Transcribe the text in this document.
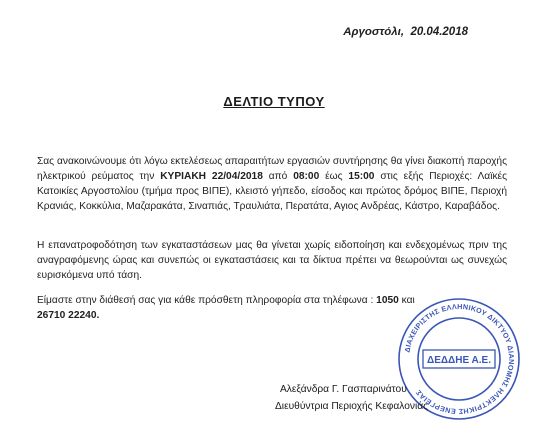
Αργοστόλι,  20.04.2018
ΔΕΛΤΙΟ ΤΥΠΟΥ
Σας ανακοινώνουμε ότι λόγω εκτελέσεως απαραιτήτων εργασιών συντήρησης θα γίνει διακοπή παροχής ηλεκτρικού ρεύματος την ΚΥΡΙΑΚΗ 22/04/2018 από 08:00 έως 15:00 στις εξής Περιοχές: Λαϊκές Κατοικίες Αργοστολίου (τμήμα προς ΒΙΠΕ), κλειστό γήπεδο, είσοδος και πρώτος δρόμος ΒΙΠΕ, Περιοχή Κρανιάς, Κοκκύλια, Μαζαρακάτα, Σιναπιάς, Τραυλιάτα, Περατάτα, Αγιος Ανδρέας, Κάστρο, Καραβάδος.
Η επανατροφοδότηση των εγκαταστάσεων μας θα γίνεται χωρίς ειδοποίηση και ενδεχομένως πριν της αναγραφόμενης ώρας και συνεπώς οι εγκαταστάσεις και τα δίκτυα πρέπει να θεωρούνται ως συνεχώς ευρισκόμενα υπό τάση.
Είμαστε στην διάθεσή σας για κάθε πρόσθετη πληροφορία στα τηλέφωνα : 1050 και
26710 22240.
ΔΙΑΧΕΙΡΙΣΤΗΣ ΕΛΛΗΝΙΚΟΥ ΔΙΚΤΥΟΥ ΔΙΑΝΟΜΗΣ ΗΛΕΚΤΡΙΚΗΣ ΕΝΕΡΓΕΙΑΣ
ΔΕΔΔΗΕ Α.Ε.
Αλεξάνδρα Γ. Γασπαρινάτου
Διευθύντρια Περιοχής Κεφαλονιάς
